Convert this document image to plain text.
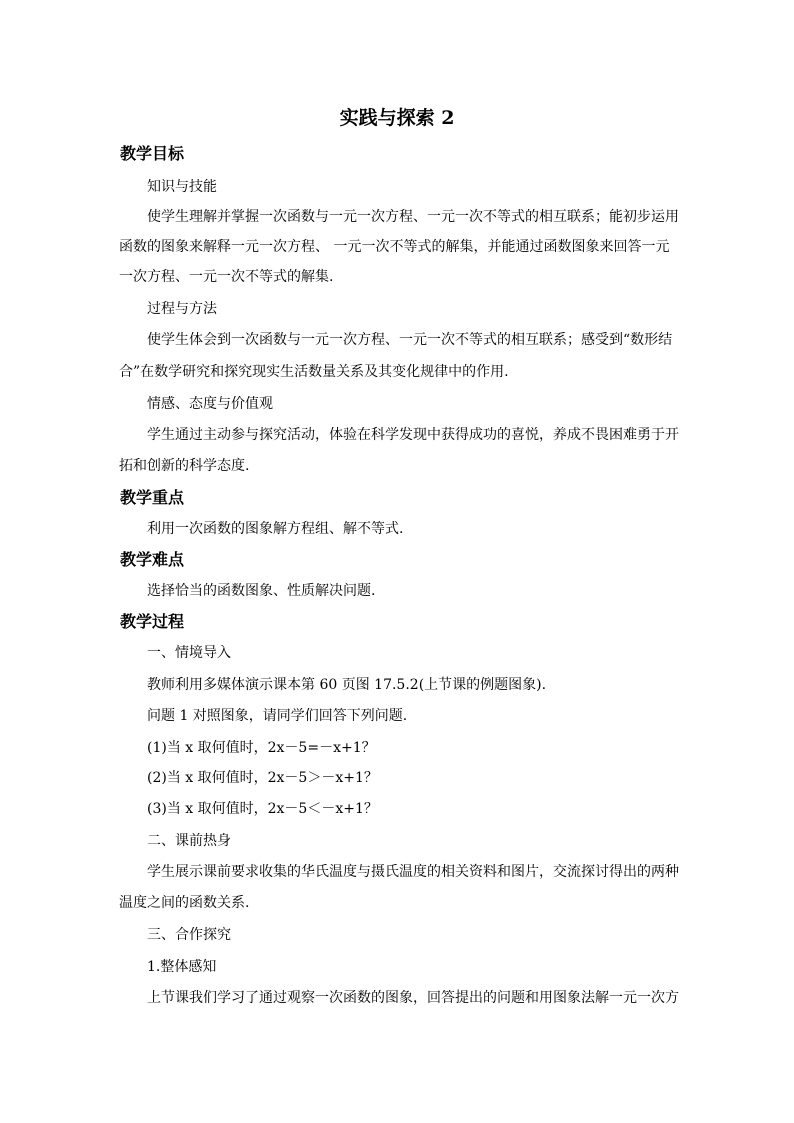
实践与探索 2
教学目标
知识与技能
使学生理解并掌握一次函数与一元一次方程、一元一次不等式的相互联系；能初步运用
函数的图象来解释一元一次方程、 一元一次不等式的解集，并能通过函数图象来回答一元
一次方程、一元一次不等式的解集.
过程与方法
使学生体会到一次函数与一元一次方程、一元一次不等式的相互联系；感受到“数形结
合”在数学研究和探究现实生活数量关系及其变化规律中的作用.
情感、态度与价值观
学生通过主动参与探究活动，体验在科学发现中获得成功的喜悦，养成不畏困难勇于开
拓和创新的科学态度.
教学重点
利用一次函数的图象解方程组、解不等式.
教学难点
选择恰当的函数图象、性质解决问题.
教学过程
一、情境导入
教师利用多媒体演示课本第 60 页图 17.5.2(上节课的例题图象).
问题 1 对照图象，请同学们回答下列问题.
(1)当 x 取何值时，2x－5=－x+1？
(2)当 x 取何值时，2x－5＞－x+1？
(3)当 x 取何值时，2x－5＜－x+1？
二、课前热身
学生展示课前要求收集的华氏温度与摄氏温度的相关资料和图片，交流探讨得出的两种
温度之间的函数关系.
三、合作探究
1.整体感知
上节课我们学习了通过观察一次函数的图象，回答提出的问题和用图象法解一元一次方
